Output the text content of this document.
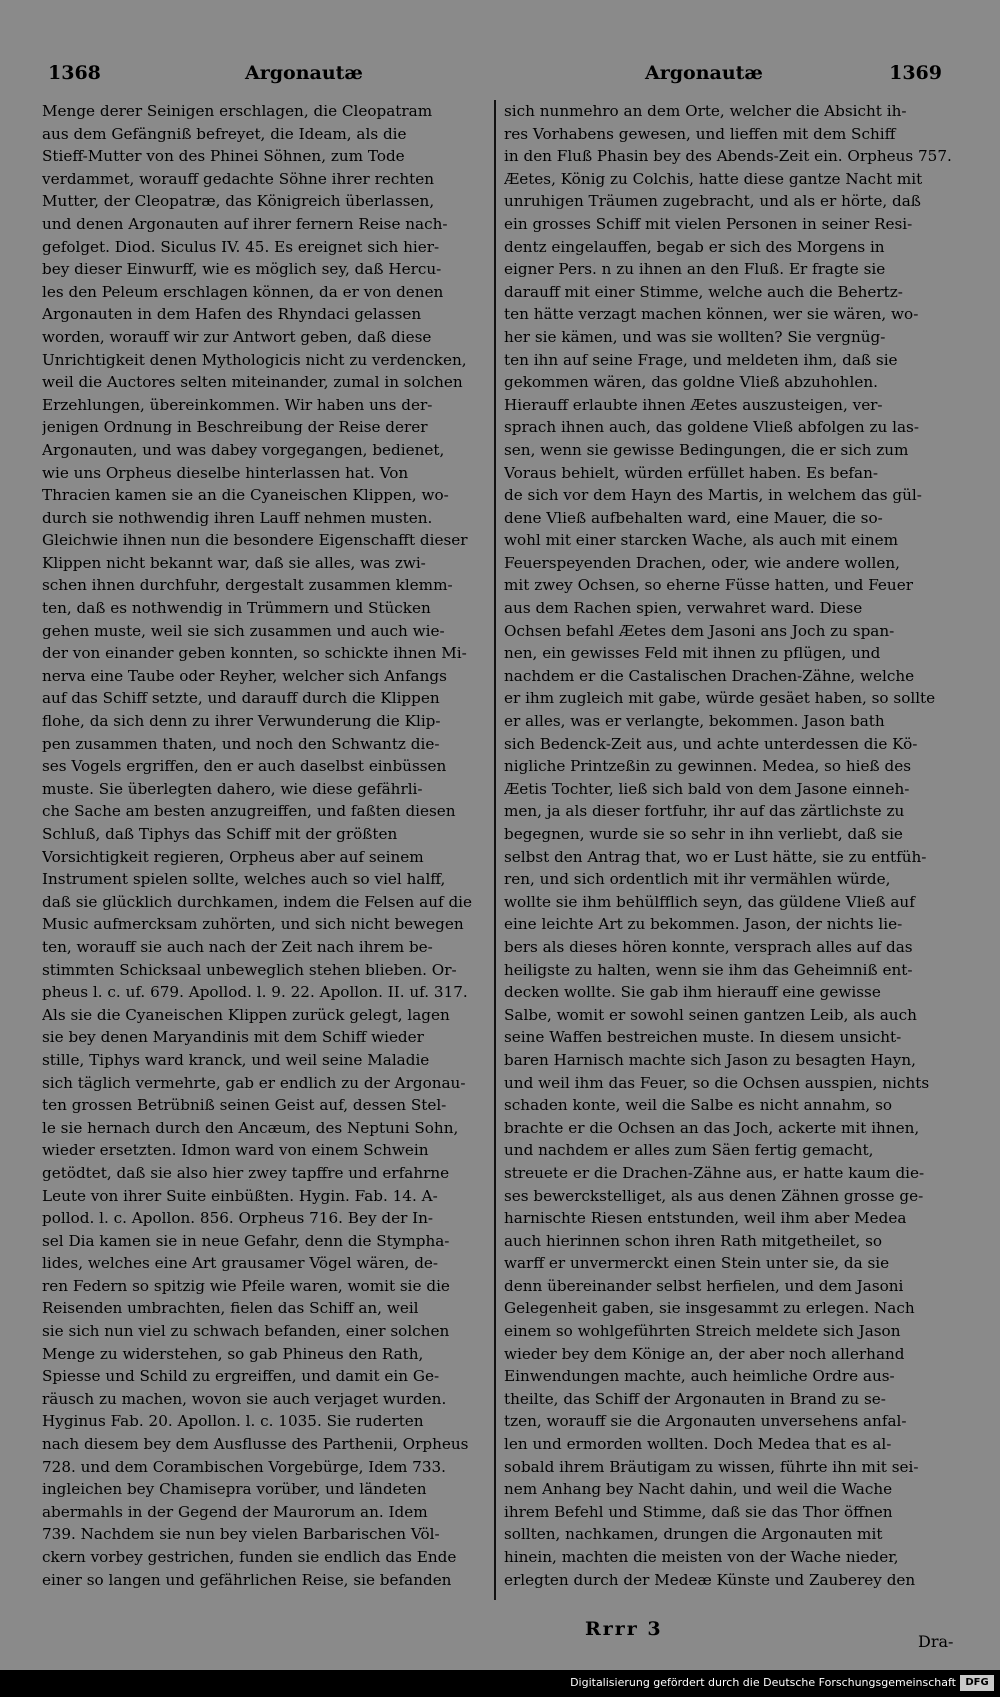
1368	Argonautæ	Argonautæ	1369

Menge derer Seinigen erschlagen, die Cleopatram

aus dem Gefängniß befreyet, die Ideam, als die

Stieff-Mutter von des Phinei Söhnen, zum Tode

verdammet, worauff gedachte Söhne ihrer rechten

Mutter, der Cleopatræ, das Königreich überlassen,

und denen Argonauten auf ihrer fernern Reise nach-

gefolget. Diod. Siculus IV. 45. Es ereignet sich hier-

bey dieser Einwurff, wie es möglich sey, daß Hercu-

les den Peleum erschlagen können, da er von denen

Argonauten in dem Hafen des Rhyndaci gelassen

worden, worauff wir zur Antwort geben, daß diese

Unrichtigkeit denen Mythologicis nicht zu verdencken,

weil die Auctores selten miteinander, zumal in solchen

Erzehlungen, übereinkommen. Wir haben uns der-

jenigen Ordnung in Beschreibung der Reise derer

Argonauten, und was dabey vorgegangen, bedienet,

wie uns Orpheus dieselbe hinterlassen hat. Von

Thracien kamen sie an die Cyaneischen Klippen, wo-

durch sie nothwendig ihren Lauff nehmen musten.

Gleichwie ihnen nun die besondere Eigenschafft dieser

Klippen nicht bekannt war, daß sie alles, was zwi-

schen ihnen durchfuhr, dergestalt zusammen klemm-

ten, daß es nothwendig in Trümmern und Stücken

gehen muste, weil sie sich zusammen und auch wie-

der von einander geben konnten, so schickte ihnen Mi-

nerva eine Taube oder Reyher, welcher sich Anfangs

auf das Schiff setzte, und darauff durch die Klippen

flohe, da sich denn zu ihrer Verwunderung die Klip-

pen zusammen thaten, und noch den Schwantz die-

ses Vogels ergriffen, den er auch daselbst einbüssen

muste. Sie überlegten dahero, wie diese gefährli-

che Sache am besten anzugreiffen, und faßten diesen

Schluß, daß Tiphys das Schiff mit der größten

Vorsichtigkeit regieren, Orpheus aber auf seinem

Instrument spielen sollte, welches auch so viel halff,

daß sie glücklich durchkamen, indem die Felsen auf die

Music aufmercksam zuhörten, und sich nicht bewegen

ten, worauff sie auch nach der Zeit nach ihrem be-

stimmten Schicksaal unbeweglich stehen blieben. Or-

pheus l. c. uf. 679. Apollod. l. 9. 22. Apollon. II. uf. 317.

Als sie die Cyaneischen Klippen zurück gelegt, lagen

sie bey denen Maryandinis mit dem Schiff wieder

stille, Tiphys ward kranck, und weil seine Maladie

sich täglich vermehrte, gab er endlich zu der Argonau-

ten grossen Betrübniß seinen Geist auf, dessen Stel-

le sie hernach durch den Ancæum, des Neptuni Sohn,

wieder ersetzten. Idmon ward von einem Schwein

getödtet, daß sie also hier zwey tapffre und erfahrne

Leute von ihrer Suite einbüßten. Hygin. Fab. 14. A-

pollod. l. c. Apollon. 856. Orpheus 716. Bey der In-

sel Dia kamen sie in neue Gefahr, denn die Stympha-

lides, welches eine Art grausamer Vögel wären, de-

ren Federn so spitzig wie Pfeile waren, womit sie die

Reisenden umbrachten, fielen das Schiff an, weil

sie sich nun viel zu schwach befanden, einer solchen

Menge zu widerstehen, so gab Phineus den Rath,

Spiesse und Schild zu ergreiffen, und damit ein Ge-

räusch zu machen, wovon sie auch verjaget wurden.

Hyginus Fab. 20. Apollon. l. c. 1035. Sie ruderten

nach diesem bey dem Ausflusse des Parthenii, Orpheus

728. und dem Corambischen Vorgebürge, Idem 733.

ingleichen bey Chamisepra vorüber, und ländeten

abermahls in der Gegend der Maurorum an. Idem

739. Nachdem sie nun bey vielen Barbarischen Völ-

ckern vorbey gestrichen, funden sie endlich das Ende

einer so langen und gefährlichen Reise, sie befanden

sich nunmehro an dem Orte, welcher die Absicht ih-

res Vorhabens gewesen, und lieffen mit dem Schiff

in den Fluß Phasin bey des Abends-Zeit ein. Orpheus 757.

Æetes, König zu Colchis, hatte diese gantze Nacht mit

unruhigen Träumen zugebracht, und als er hörte, daß

ein grosses Schiff mit vielen Personen in seiner Resi-

dentz eingelauffen, begab er sich des Morgens in

eigner Pers. n zu ihnen an den Fluß. Er fragte sie

darauff mit einer Stimme, welche auch die Behertz-

ten hätte verzagt machen können, wer sie wären, wo-

her sie kämen, und was sie wollten? Sie vergnüg-

ten ihn auf seine Frage, und meldeten ihm, daß sie

gekommen wären, das goldne Vließ abzuhohlen.

Hierauff erlaubte ihnen Æetes auszusteigen, ver-

sprach ihnen auch, das goldene Vließ abfolgen zu las-

sen, wenn sie gewisse Bedingungen, die er sich zum

Voraus behielt, würden erfüllet haben. Es befan-

de sich vor dem Hayn des Martis, in welchem das gül-

dene Vließ aufbehalten ward, eine Mauer, die so-

wohl mit einer starcken Wache, als auch mit einem

Feuerspeyenden Drachen, oder, wie andere wollen,

mit zwey Ochsen, so eherne Füsse hatten, und Feuer

aus dem Rachen spien, verwahret ward. Diese

Ochsen befahl Æetes dem Jasoni ans Joch zu span-

nen, ein gewisses Feld mit ihnen zu pflügen, und

nachdem er die Castalischen Drachen-Zähne, welche

er ihm zugleich mit gabe, würde gesäet haben, so sollte

er alles, was er verlangte, bekommen. Jason bath

sich Bedenck-Zeit aus, und achte unterdessen die Kö-

nigliche Printzeßin zu gewinnen. Medea, so hieß des

Æetis Tochter, ließ sich bald von dem Jasone einneh-

men, ja als dieser fortfuhr, ihr auf das zärtlichste zu

begegnen, wurde sie so sehr in ihn verliebt, daß sie

selbst den Antrag that, wo er Lust hätte, sie zu entfüh-

ren, und sich ordentlich mit ihr vermählen würde,

wollte sie ihm behülfflich seyn, das güldene Vließ auf

eine leichte Art zu bekommen. Jason, der nichts lie-

bers als dieses hören konnte, versprach alles auf das

heiligste zu halten, wenn sie ihm das Geheimniß ent-

decken wollte. Sie gab ihm hierauff eine gewisse

Salbe, womit er sowohl seinen gantzen Leib, als auch

seine Waffen bestreichen muste. In diesem unsicht-

baren Harnisch machte sich Jason zu besagten Hayn,

und weil ihm das Feuer, so die Ochsen ausspien, nichts

schaden konte, weil die Salbe es nicht annahm, so

brachte er die Ochsen an das Joch, ackerte mit ihnen,

und nachdem er alles zum Säen fertig gemacht,

streuete er die Drachen-Zähne aus, er hatte kaum die-

ses bewerckstelliget, als aus denen Zähnen grosse ge-

harnischte Riesen entstunden, weil ihm aber Medea

auch hierinnen schon ihren Rath mitgetheilet, so

warff er unvermerckt einen Stein unter sie, da sie

denn übereinander selbst herfielen, und dem Jasoni

Gelegenheit gaben, sie insgesammt zu erlegen. Nach

einem so wohlgeführten Streich meldete sich Jason

wieder bey dem Könige an, der aber noch allerhand

Einwendungen machte, auch heimliche Ordre aus-

theilte, das Schiff der Argonauten in Brand zu se-

tzen, worauff sie die Argonauten unversehens anfal-

len und ermorden wollten. Doch Medea that es al-

sobald ihrem Bräutigam zu wissen, führte ihn mit sei-

nem Anhang bey Nacht dahin, und weil die Wache

ihrem Befehl und Stimme, daß sie das Thor öffnen

sollten, nachkamen, drungen die Argonauten mit

hinein, machten die meisten von der Wache nieder,

erlegten durch der Medeæ Künste und Zauberey den

Rrrr 3
Dra-
Digitalisierung gefördert durch die Deutsche Forschungsgemeinschaft DFG
